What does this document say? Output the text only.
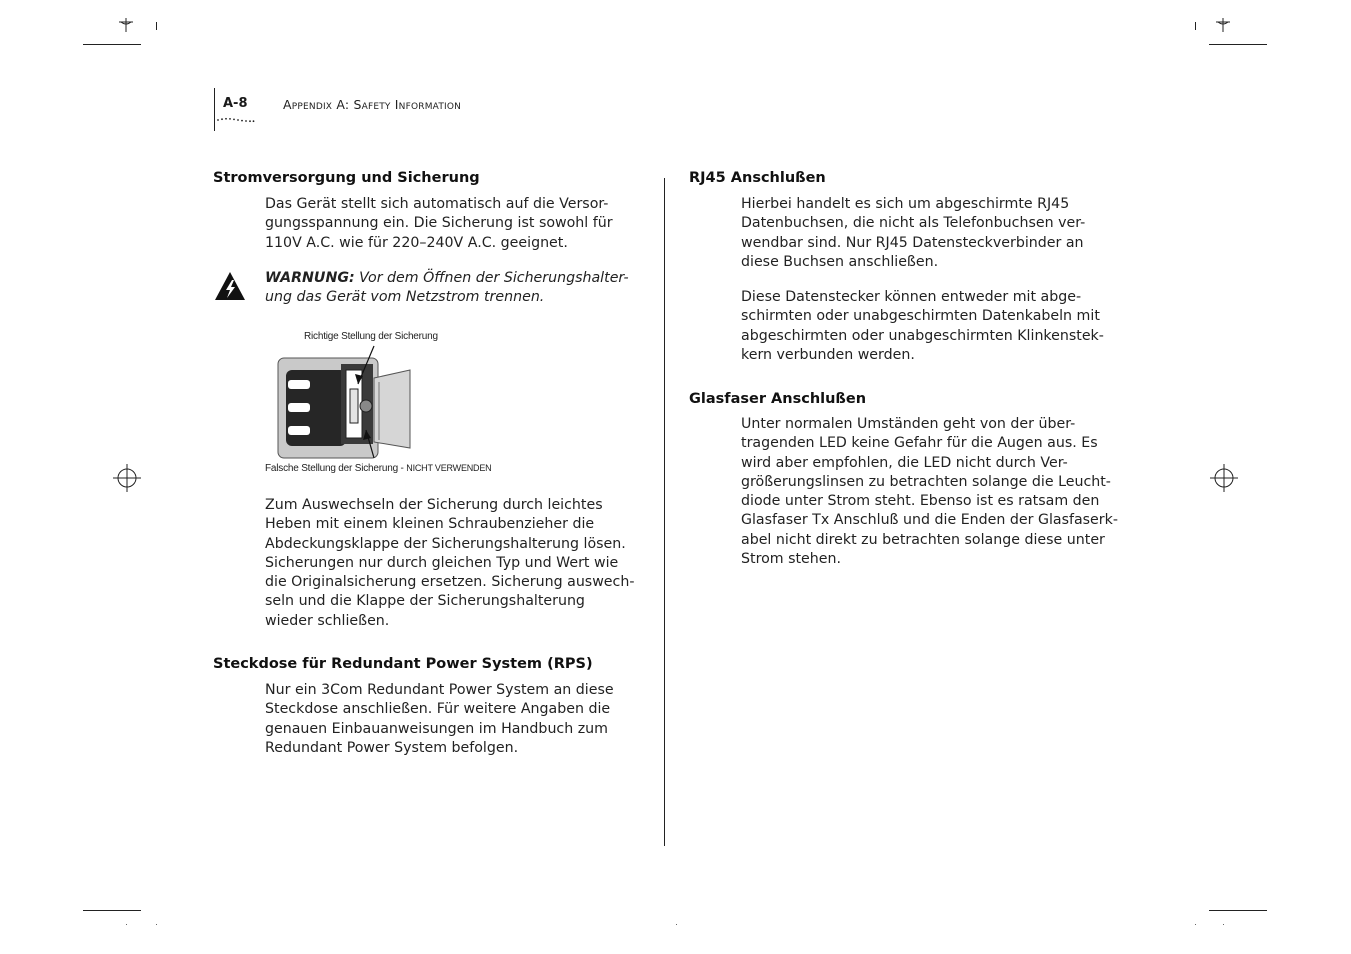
A-8	Appendix A: Safety Information
Stromversorgung und Sicherung
Das Gerät stellt sich automatisch auf die Versor-
gungsspannung ein. Die Sicherung ist sowohl für
110V A.C. wie für 220–240V A.C. geeignet.
WARNUNG: Vor dem Öffnen der Sicherungshalter-
ung das Gerät vom Netzstrom trennen.
Richtige Stellung der Sicherung
Falsche Stellung der Sicherung - NICHT VERWENDEN
Zum Auswechseln der Sicherung durch leichtes
Heben mit einem kleinen Schraubenzieher die
Abdeckungsklappe der Sicherungshalterung lösen.
Sicherungen nur durch gleichen Typ und Wert wie
die Originalsicherung ersetzen. Sicherung auswech-
seln und die Klappe der Sicherungshalterung
wieder schließen.
Steckdose für Redundant Power System (RPS)
Nur ein 3Com Redundant Power System an diese
Steckdose anschließen. Für weitere Angaben die
genauen Einbauanweisungen im Handbuch zum
Redundant Power System befolgen.
RJ45 Anschlußen
Hierbei handelt es sich um abgeschirmte RJ45
Datenbuchsen, die nicht als Telefonbuchsen ver-
wendbar sind. Nur RJ45 Datensteckverbinder an
diese Buchsen anschließen.
Diese Datenstecker können entweder mit abge-
schirmten oder unabgeschirmten Datenkabeln mit
abgeschirmten oder unabgeschirmten Klinkenstek-
kern verbunden werden.
Glasfaser Anschlußen
Unter normalen Umständen geht von der über-
tragenden LED keine Gefahr für die Augen aus. Es
wird aber empfohlen, die LED nicht durch Ver-
größerungslinsen zu betrachten solange die Leucht-
diode unter Strom steht. Ebenso ist es ratsam den
Glasfaser Tx Anschluß und die Enden der Glasfaserk-
abel nicht direkt zu betrachten solange diese unter
Strom stehen.
